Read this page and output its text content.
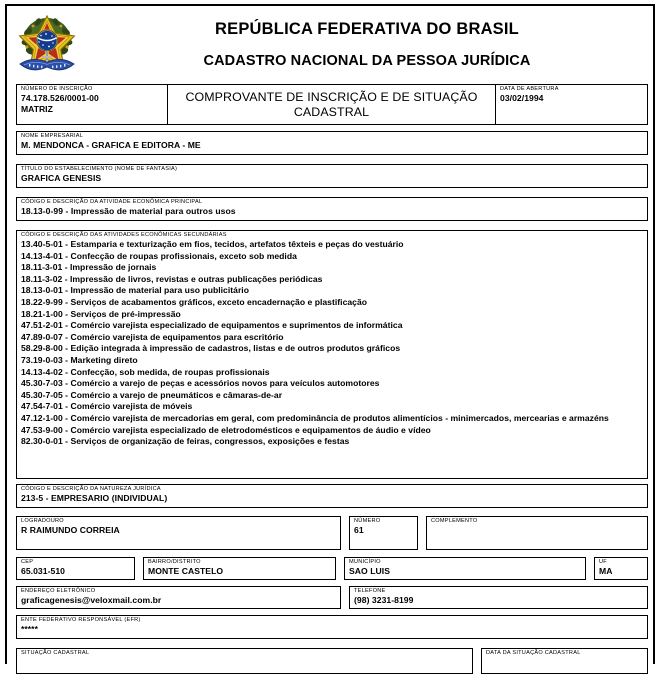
REPÚBLICA FEDERATIVA DO BRASIL
CADASTRO NACIONAL DA PESSOA JURÍDICA
NÚMERO DE INSCRIÇÃO
74.178.526/0001-00
MATRIZ
COMPROVANTE DE INSCRIÇÃO E DE SITUAÇÃO CADASTRAL
DATA DE ABERTURA
03/02/1994
NOME EMPRESARIAL
M. MENDONCA - GRAFICA E EDITORA - ME
TÍTULO DO ESTABELECIMENTO (NOME DE FANTASIA)
GRAFICA GENESIS
CÓDIGO E DESCRIÇÃO DA ATIVIDADE ECONÔMICA PRINCIPAL
18.13-0-99 - Impressão de material para outros usos
CÓDIGO E DESCRIÇÃO DAS ATIVIDADES ECONÔMICAS SECUNDÁRIAS
13.40-5-01 - Estamparia e texturização em fios, tecidos, artefatos têxteis e peças do vestuário
14.13-4-01 - Confecção de roupas profissionais, exceto sob medida
18.11-3-01 - Impressão de jornais
18.11-3-02 - Impressão de livros, revistas e outras publicações periódicas
18.13-0-01 - Impressão de material para uso publicitário
18.22-9-99 - Serviços de acabamentos gráficos, exceto encadernação e plastificação
18.21-1-00 - Serviços de pré-impressão
47.51-2-01 - Comércio varejista especializado de equipamentos e suprimentos de informática
47.89-0-07 - Comércio varejista de equipamentos para escritório
58.29-8-00 - Edição integrada à impressão de cadastros, listas e de outros produtos gráficos
73.19-0-03 - Marketing direto
14.13-4-02 - Confecção, sob medida, de roupas profissionais
45.30-7-03 - Comércio a varejo de peças e acessórios novos para veículos automotores
45.30-7-05 - Comércio a varejo de pneumáticos e câmaras-de-ar
47.54-7-01 - Comércio varejista de móveis
47.12-1-00 - Comércio varejista de mercadorias em geral, com predominância de produtos alimentícios - minimercados, mercearias e armazéns
47.53-9-00 - Comércio varejista especializado de eletrodomésticos e equipamentos de áudio e vídeo
82.30-0-01 - Serviços de organização de feiras, congressos, exposições e festas
CÓDIGO E DESCRIÇÃO DA NATUREZA JURÍDICA
213-5 - EMPRESARIO (INDIVIDUAL)
LOGRADOURO
R RAIMUNDO CORREIA
NÚMERO
61
COMPLEMENTO
CEP
65.031-510
BAIRRO/DISTRITO
MONTE CASTELO
MUNICÍPIO
SAO LUIS
UF
MA
ENDEREÇO ELETRÔNICO
graficagenesis@veloxmail.com.br
TELEFONE
(98) 3231-8199
ENTE FEDERATIVO RESPONSÁVEL (EFR)
*****
SITUAÇÃO CADASTRAL	DATA DA SITUAÇÃO CADASTRAL
